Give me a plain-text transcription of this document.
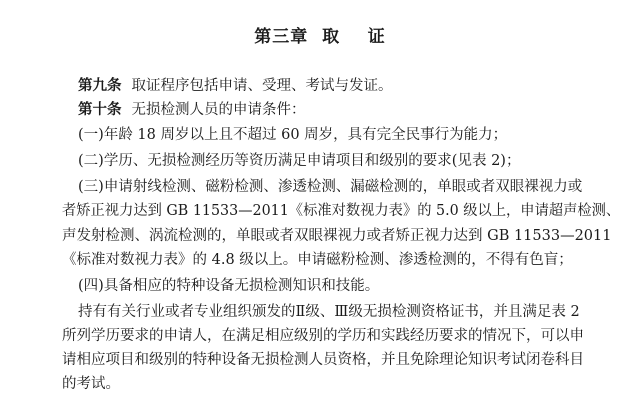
第三章  取    证
第九条 取证程序包括申请、受理、考试与发证。
第十条 无损检测人员的申请条件：
(一)年龄 18 周岁以上且不超过 60 周岁，具有完全民事行为能力；
(二)学历、无损检测经历等资历满足申请项目和级别的要求(见表 2)；
(三)申请射线检测、磁粉检测、渗透检测、漏磁检测的，单眼或者双眼裸视力或
者矫正视力达到 GB 11533—2011《标准对数视力表》的 5.0 级以上，申请超声检测、
声发射检测、涡流检测的，单眼或者双眼裸视力或者矫正视力达到 GB 11533—2011
《标准对数视力表》的 4.8 级以上。申请磁粉检测、渗透检测的，不得有色盲；
(四)具备相应的特种设备无损检测知识和技能。
持有有关行业或者专业组织颁发的Ⅱ级、Ⅲ级无损检测资格证书，并且满足表 2
所列学历要求的申请人，在满足相应级别的学历和实践经历要求的情况下，可以申
请相应项目和级别的特种设备无损检测人员资格，并且免除理论知识考试闭卷科目
的考试。
